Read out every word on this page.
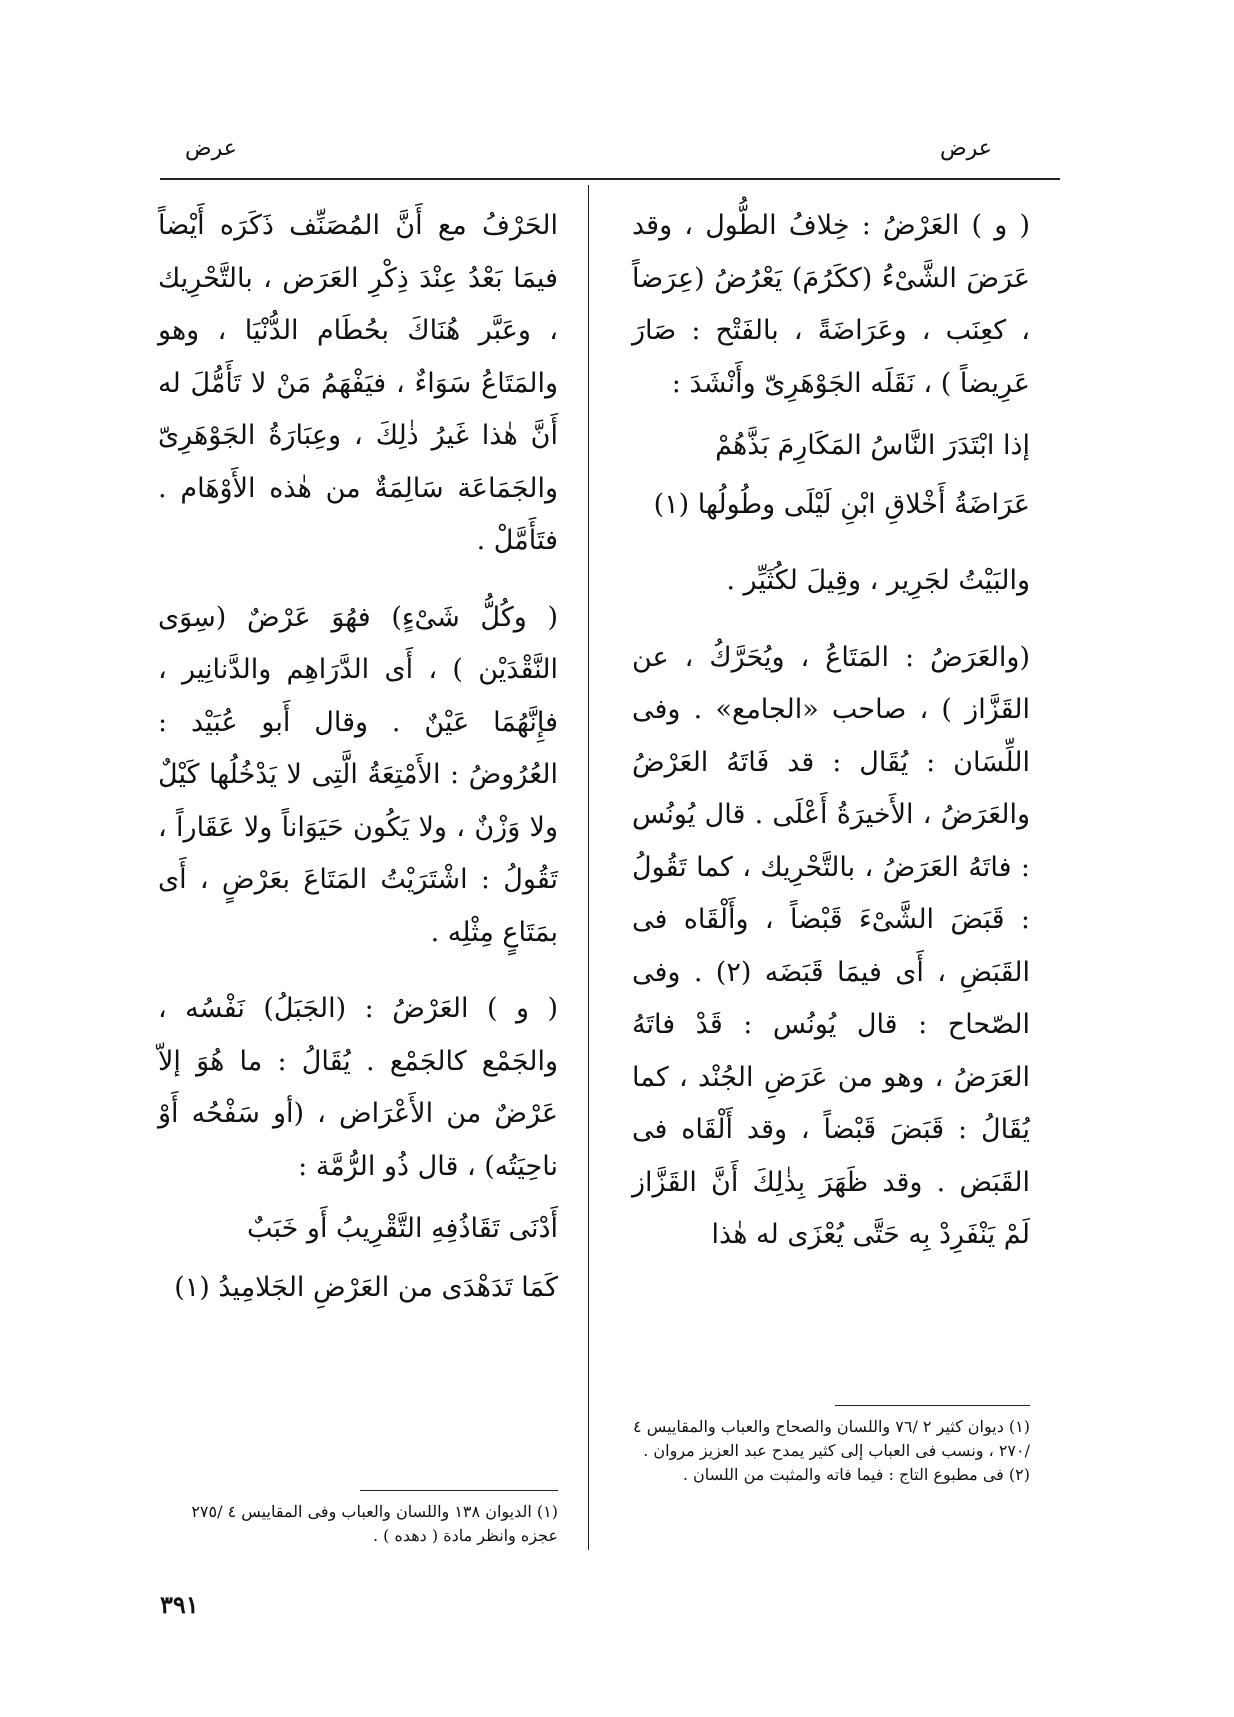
عرض
عرض

( و ) العَرْضُ : خِلافُ الطُّول ، وقد عَرَضَ الشَّىْءُ (ككَرُمَ) يَعْرُضُ (عِرَضاً ، كعِنَب ، وعَرَاضَةً ، بالفَتْح : صَارَ عَرِيضاً ) ، نَقَلَه الجَوْهَرِىّ وأَنْشَدَ :

إذا ابْتَدَرَ النَّاسُ المَكَارِمَ بَذَّهُمْ

عَرَاضَةُ أَخْلاقِ ابْنِ لَيْلَى وطُولُها (١)

والبَيْتُ لجَرِير ، وقِيلَ لكُثَيِّر .

(والعَرَضُ : المَتَاعُ ، ويُحَرَّكُ ، عن القَزَّاز ) ، صاحب «الجامع» . وفى اللِّسَان : يُقَال : قد فَاتَهُ العَرْضُ والعَرَضُ ، الأَخيرَةُ أَعْلَى . قال يُونُس : فاتَهُ العَرَضُ ، بالتَّحْرِيك ، كما تَقُولُ : قَبَضَ الشَّىْءَ قَبْضاً ، وأَلْقَاه فى القَبَضِ ، أَى فيمَا قَبَضَه (٢) . وفى الصّحاح : قال يُونُس : قَدْ فاتَهُ العَرَضُ ، وهو من عَرَضِ الجُنْد ، كما يُقَالُ : قَبَضَ قَبْضاً ، وقد أَلْقَاه فى القَبَض . وقد ظَهَرَ بِذٰلِكَ أَنَّ القَزَّاز لَمْ يَنْفَرِدْ بِه حَتَّى يُعْزَى له هٰذا

الحَرْفُ مع أَنَّ المُصَنِّف ذَكَرَه أَيْضاً فيمَا بَعْدُ عِنْدَ ذِكْرِ العَرَض ، بالتَّحْرِيك ، وعَبَّر هُنَاكَ بحُطَام الدُّنْيَا ، وهو والمَتَاعُ سَوَاءٌ ، فيَفْهَمُ مَنْ لا تَأَمُّلَ له أَنَّ هٰذا غَيرُ ذٰلِكَ ، وعِبَارَةُ الجَوْهَرِىّ والجَمَاعَة سَالِمَةٌ من هٰذه الأَوْهَام . فتَأَمَّلْ .

( وكُلُّ شَىْءٍ) فهُوَ عَرْضٌ (سِوَى النَّقْدَيْن ) ، أَى الدَّرَاهِم والدَّنانِير ، فإِنَّهُمَا عَيْنٌ . وقال أَبو عُبَيْد : العُرُوضُ : الأَمْتِعَةُ الَّتِى لا يَدْخُلُها كَيْلٌ ولا وَزْنٌ ، ولا يَكُون حَيَوَاناً ولا عَقَاراً ، تَقُولُ : اشْتَرَيْتُ المَتَاعَ بعَرْضٍ ، أَى بمَتَاعٍ مِثْلِه .

( و ) العَرْضُ : (الجَبَلُ) نَفْسُه ، والجَمْع كالجَمْع . يُقَالُ : ما هُوَ إلاّ عَرْضٌ من الأَعْرَاض ، (أو سَفْحُه أَوْ ناحِيَتُه) ، قال ذُو الرُّمَّة :

أَدْنَى تَقَاذُفِهِ التَّقْرِيبُ أَو خَبَبٌ

كَمَا تَدَهْدَى من العَرْضِ الجَلامِيدُ (١)

(١) ديوان كثير ٢ /٧٦ واللسان والصحاح والعباب والمقاييس ٤ /٢٧٠ ، ونسب فى العباب إلى كثير يمدح عبد العزيز مروان .

(٢) فى مطبوع التاج : فيما فاته والمثبت من اللسان .

(١) الديوان ١٣٨ واللسان والعباب وفى المقاييس ٤ /٢٧٥ عجزه وانظر مادة ( دهده ) .

٣٩١
